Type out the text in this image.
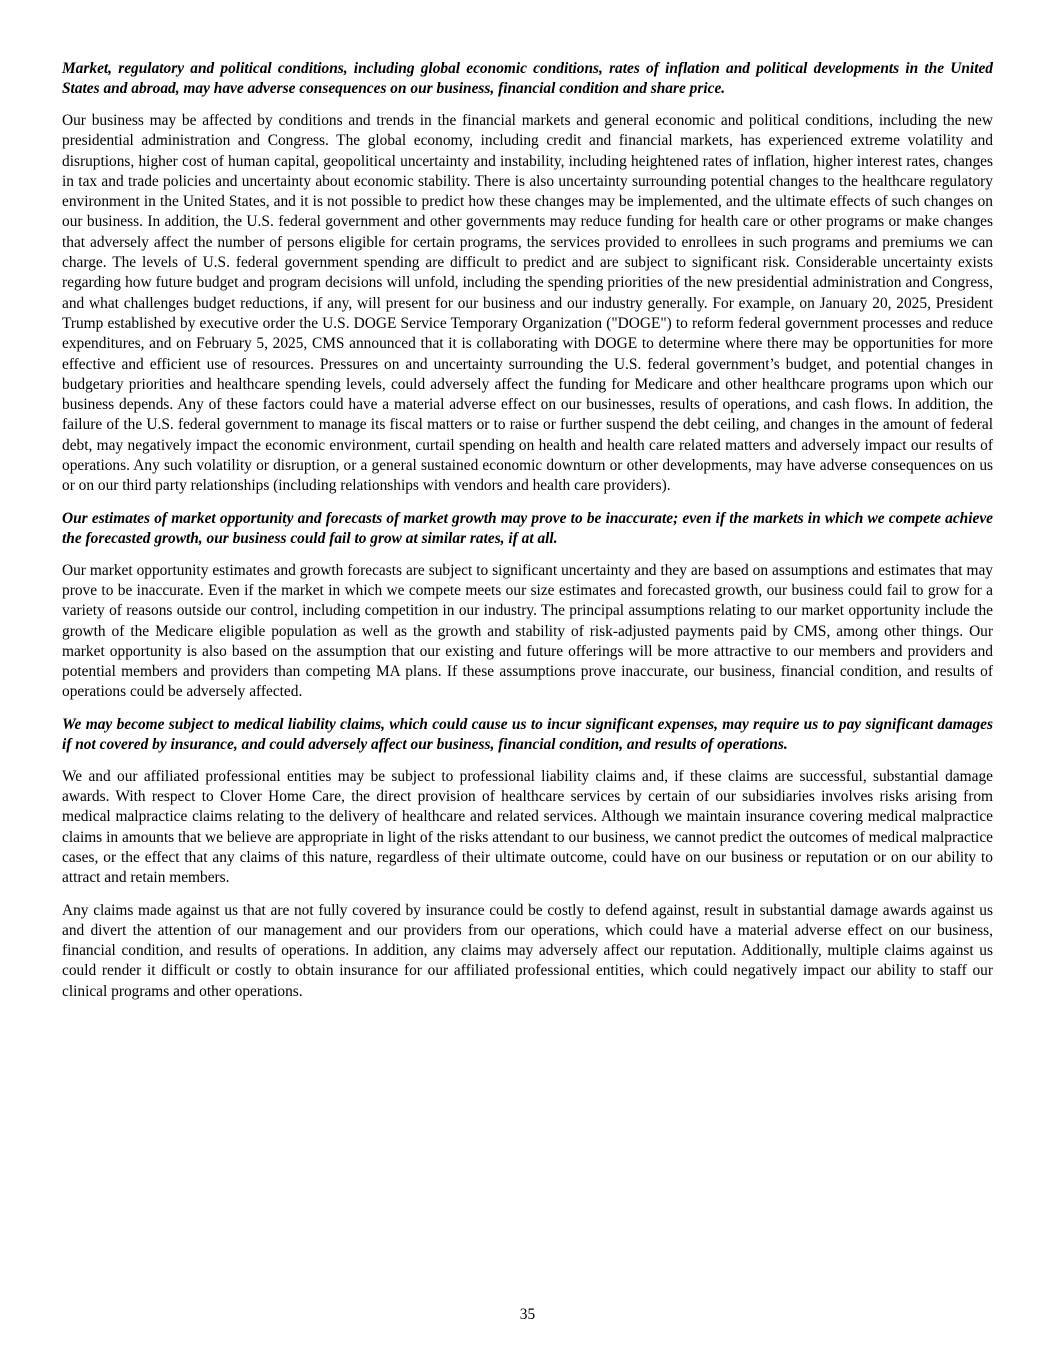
Market, regulatory and political conditions, including global economic conditions, rates of inflation and political developments in the United States and abroad, may have adverse consequences on our business, financial condition and share price.

Our business may be affected by conditions and trends in the financial markets and general economic and political conditions, including the new presidential administration and Congress. The global economy, including credit and financial markets, has experienced extreme volatility and disruptions, higher cost of human capital, geopolitical uncertainty and instability, including heightened rates of inflation, higher interest rates, changes in tax and trade policies and uncertainty about economic stability. There is also uncertainty surrounding potential changes to the healthcare regulatory environment in the United States, and it is not possible to predict how these changes may be implemented, and the ultimate effects of such changes on our business. In addition, the U.S. federal government and other governments may reduce funding for health care or other programs or make changes that adversely affect the number of persons eligible for certain programs, the services provided to enrollees in such programs and premiums we can charge. The levels of U.S. federal government spending are difficult to predict and are subject to significant risk. Considerable uncertainty exists regarding how future budget and program decisions will unfold, including the spending priorities of the new presidential administration and Congress, and what challenges budget reductions, if any, will present for our business and our industry generally. For example, on January 20, 2025, President Trump established by executive order the U.S. DOGE Service Temporary Organization ("DOGE") to reform federal government processes and reduce expenditures, and on February 5, 2025, CMS announced that it is collaborating with DOGE to determine where there may be opportunities for more effective and efficient use of resources. Pressures on and uncertainty surrounding the U.S. federal government’s budget, and potential changes in budgetary priorities and healthcare spending levels, could adversely affect the funding for Medicare and other healthcare programs upon which our business depends. Any of these factors could have a material adverse effect on our businesses, results of operations, and cash flows. In addition, the failure of the U.S. federal government to manage its fiscal matters or to raise or further suspend the debt ceiling, and changes in the amount of federal debt, may negatively impact the economic environment, curtail spending on health and health care related matters and adversely impact our results of operations. Any such volatility or disruption, or a general sustained economic downturn or other developments, may have adverse consequences on us or on our third party relationships (including relationships with vendors and health care providers).

Our estimates of market opportunity and forecasts of market growth may prove to be inaccurate; even if the markets in which we compete achieve the forecasted growth, our business could fail to grow at similar rates, if at all.

Our market opportunity estimates and growth forecasts are subject to significant uncertainty and they are based on assumptions and estimates that may prove to be inaccurate. Even if the market in which we compete meets our size estimates and forecasted growth, our business could fail to grow for a variety of reasons outside our control, including competition in our industry. The principal assumptions relating to our market opportunity include the growth of the Medicare eligible population as well as the growth and stability of risk-adjusted payments paid by CMS, among other things. Our market opportunity is also based on the assumption that our existing and future offerings will be more attractive to our members and providers and potential members and providers than competing MA plans. If these assumptions prove inaccurate, our business, financial condition, and results of operations could be adversely affected.

We may become subject to medical liability claims, which could cause us to incur significant expenses, may require us to pay significant damages if not covered by insurance, and could adversely affect our business, financial condition, and results of operations.

We and our affiliated professional entities may be subject to professional liability claims and, if these claims are successful, substantial damage awards. With respect to Clover Home Care, the direct provision of healthcare services by certain of our subsidiaries involves risks arising from medical malpractice claims relating to the delivery of healthcare and related services. Although we maintain insurance covering medical malpractice claims in amounts that we believe are appropriate in light of the risks attendant to our business, we cannot predict the outcomes of medical malpractice cases, or the effect that any claims of this nature, regardless of their ultimate outcome, could have on our business or reputation or on our ability to attract and retain members.

Any claims made against us that are not fully covered by insurance could be costly to defend against, result in substantial damage awards against us and divert the attention of our management and our providers from our operations, which could have a material adverse effect on our business, financial condition, and results of operations. In addition, any claims may adversely affect our reputation. Additionally, multiple claims against us could render it difficult or costly to obtain insurance for our affiliated professional entities, which could negatively impact our ability to staff our clinical programs and other operations.

35
